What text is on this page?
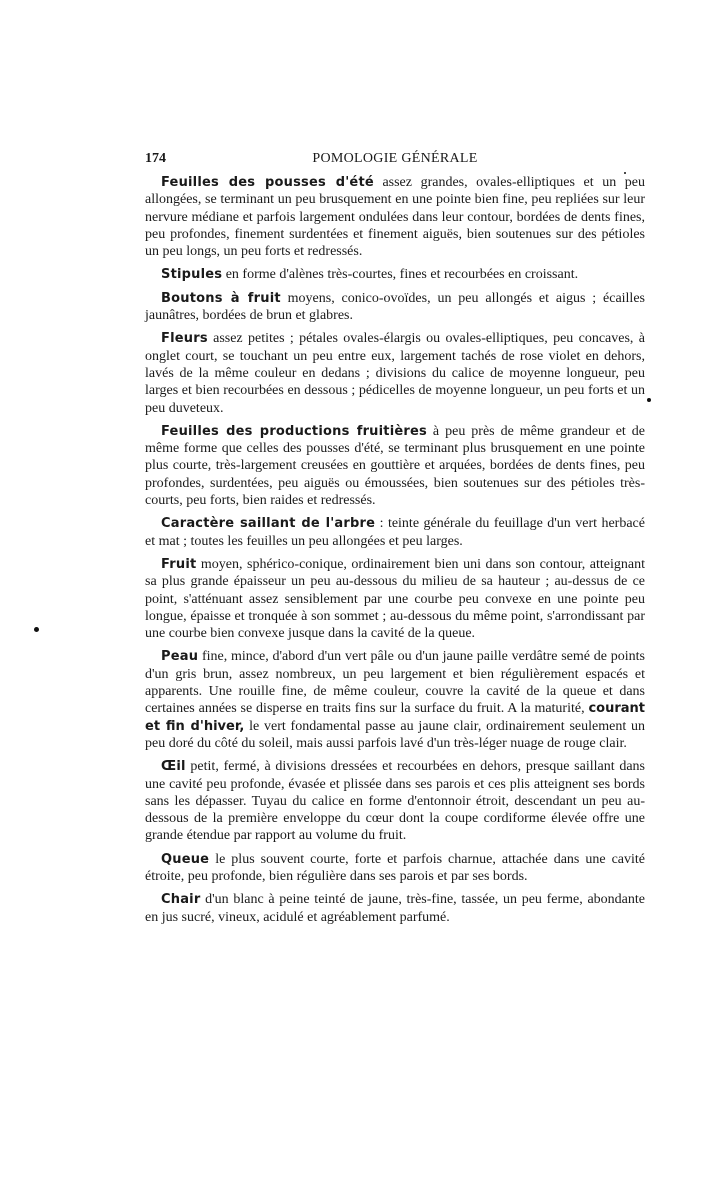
174	POMOLOGIE GÉNÉRALE

Feuilles des pousses d'été assez grandes, ovales-elliptiques et un peu allongées, se terminant un peu brusquement en une pointe bien fine, peu repliées sur leur nervure médiane et parfois largement ondulées dans leur contour, bordées de dents fines, peu profondes, finement surdentées et finement aiguës, bien soutenues sur des pétioles un peu longs, un peu forts et redressés.

Stipules en forme d'alènes très-courtes, fines et recourbées en croissant.

Boutons à fruit moyens, conico-ovoïdes, un peu allongés et aigus ; écailles jaunâtres, bordées de brun et glabres.

Fleurs assez petites ; pétales ovales-élargis ou ovales-elliptiques, peu concaves, à onglet court, se touchant un peu entre eux, largement tachés de rose violet en dehors, lavés de la même couleur en dedans ; divisions du calice de moyenne longueur, peu larges et bien recourbées en dessous ; pédicelles de moyenne longueur, un peu forts et un peu duveteux.

Feuilles des productions fruitières à peu près de même grandeur et de même forme que celles des pousses d'été, se terminant plus brusquement en une pointe plus courte, très-largement creusées en gouttière et arquées, bordées de dents fines, peu profondes, surdentées, peu aiguës ou émoussées, bien soutenues sur des pétioles très-courts, peu forts, bien raides et redressés.

Caractère saillant de l'arbre : teinte générale du feuillage d'un vert herbacé et mat ; toutes les feuilles un peu allongées et peu larges.

Fruit moyen, sphérico-conique, ordinairement bien uni dans son contour, atteignant sa plus grande épaisseur un peu au-dessous du milieu de sa hauteur ; au-dessus de ce point, s'atténuant assez sensiblement par une courbe peu convexe en une pointe peu longue, épaisse et tronquée à son sommet ; au-dessous du même point, s'arrondissant par une courbe bien convexe jusque dans la cavité de la queue.

Peau fine, mince, d'abord d'un vert pâle ou d'un jaune paille verdâtre semé de points d'un gris brun, assez nombreux, un peu largement et bien régulièrement espacés et apparents. Une rouille fine, de même couleur, couvre la cavité de la queue et dans certaines années se disperse en traits fins sur la surface du fruit. A la maturité, courant et fin d'hiver, le vert fondamental passe au jaune clair, ordinairement seulement un peu doré du côté du soleil, mais aussi parfois lavé d'un très-léger nuage de rouge clair.

Œil petit, fermé, à divisions dressées et recourbées en dehors, presque saillant dans une cavité peu profonde, évasée et plissée dans ses parois et ces plis atteignent ses bords sans les dépasser. Tuyau du calice en forme d'entonnoir étroit, descendant un peu au-dessous de la première enveloppe du cœur dont la coupe cordiforme élevée offre une grande étendue par rapport au volume du fruit.

Queue le plus souvent courte, forte et parfois charnue, attachée dans une cavité étroite, peu profonde, bien régulière dans ses parois et par ses bords.

Chair d'un blanc à peine teinté de jaune, très-fine, tassée, un peu ferme, abondante en jus sucré, vineux, acidulé et agréablement parfumé.
